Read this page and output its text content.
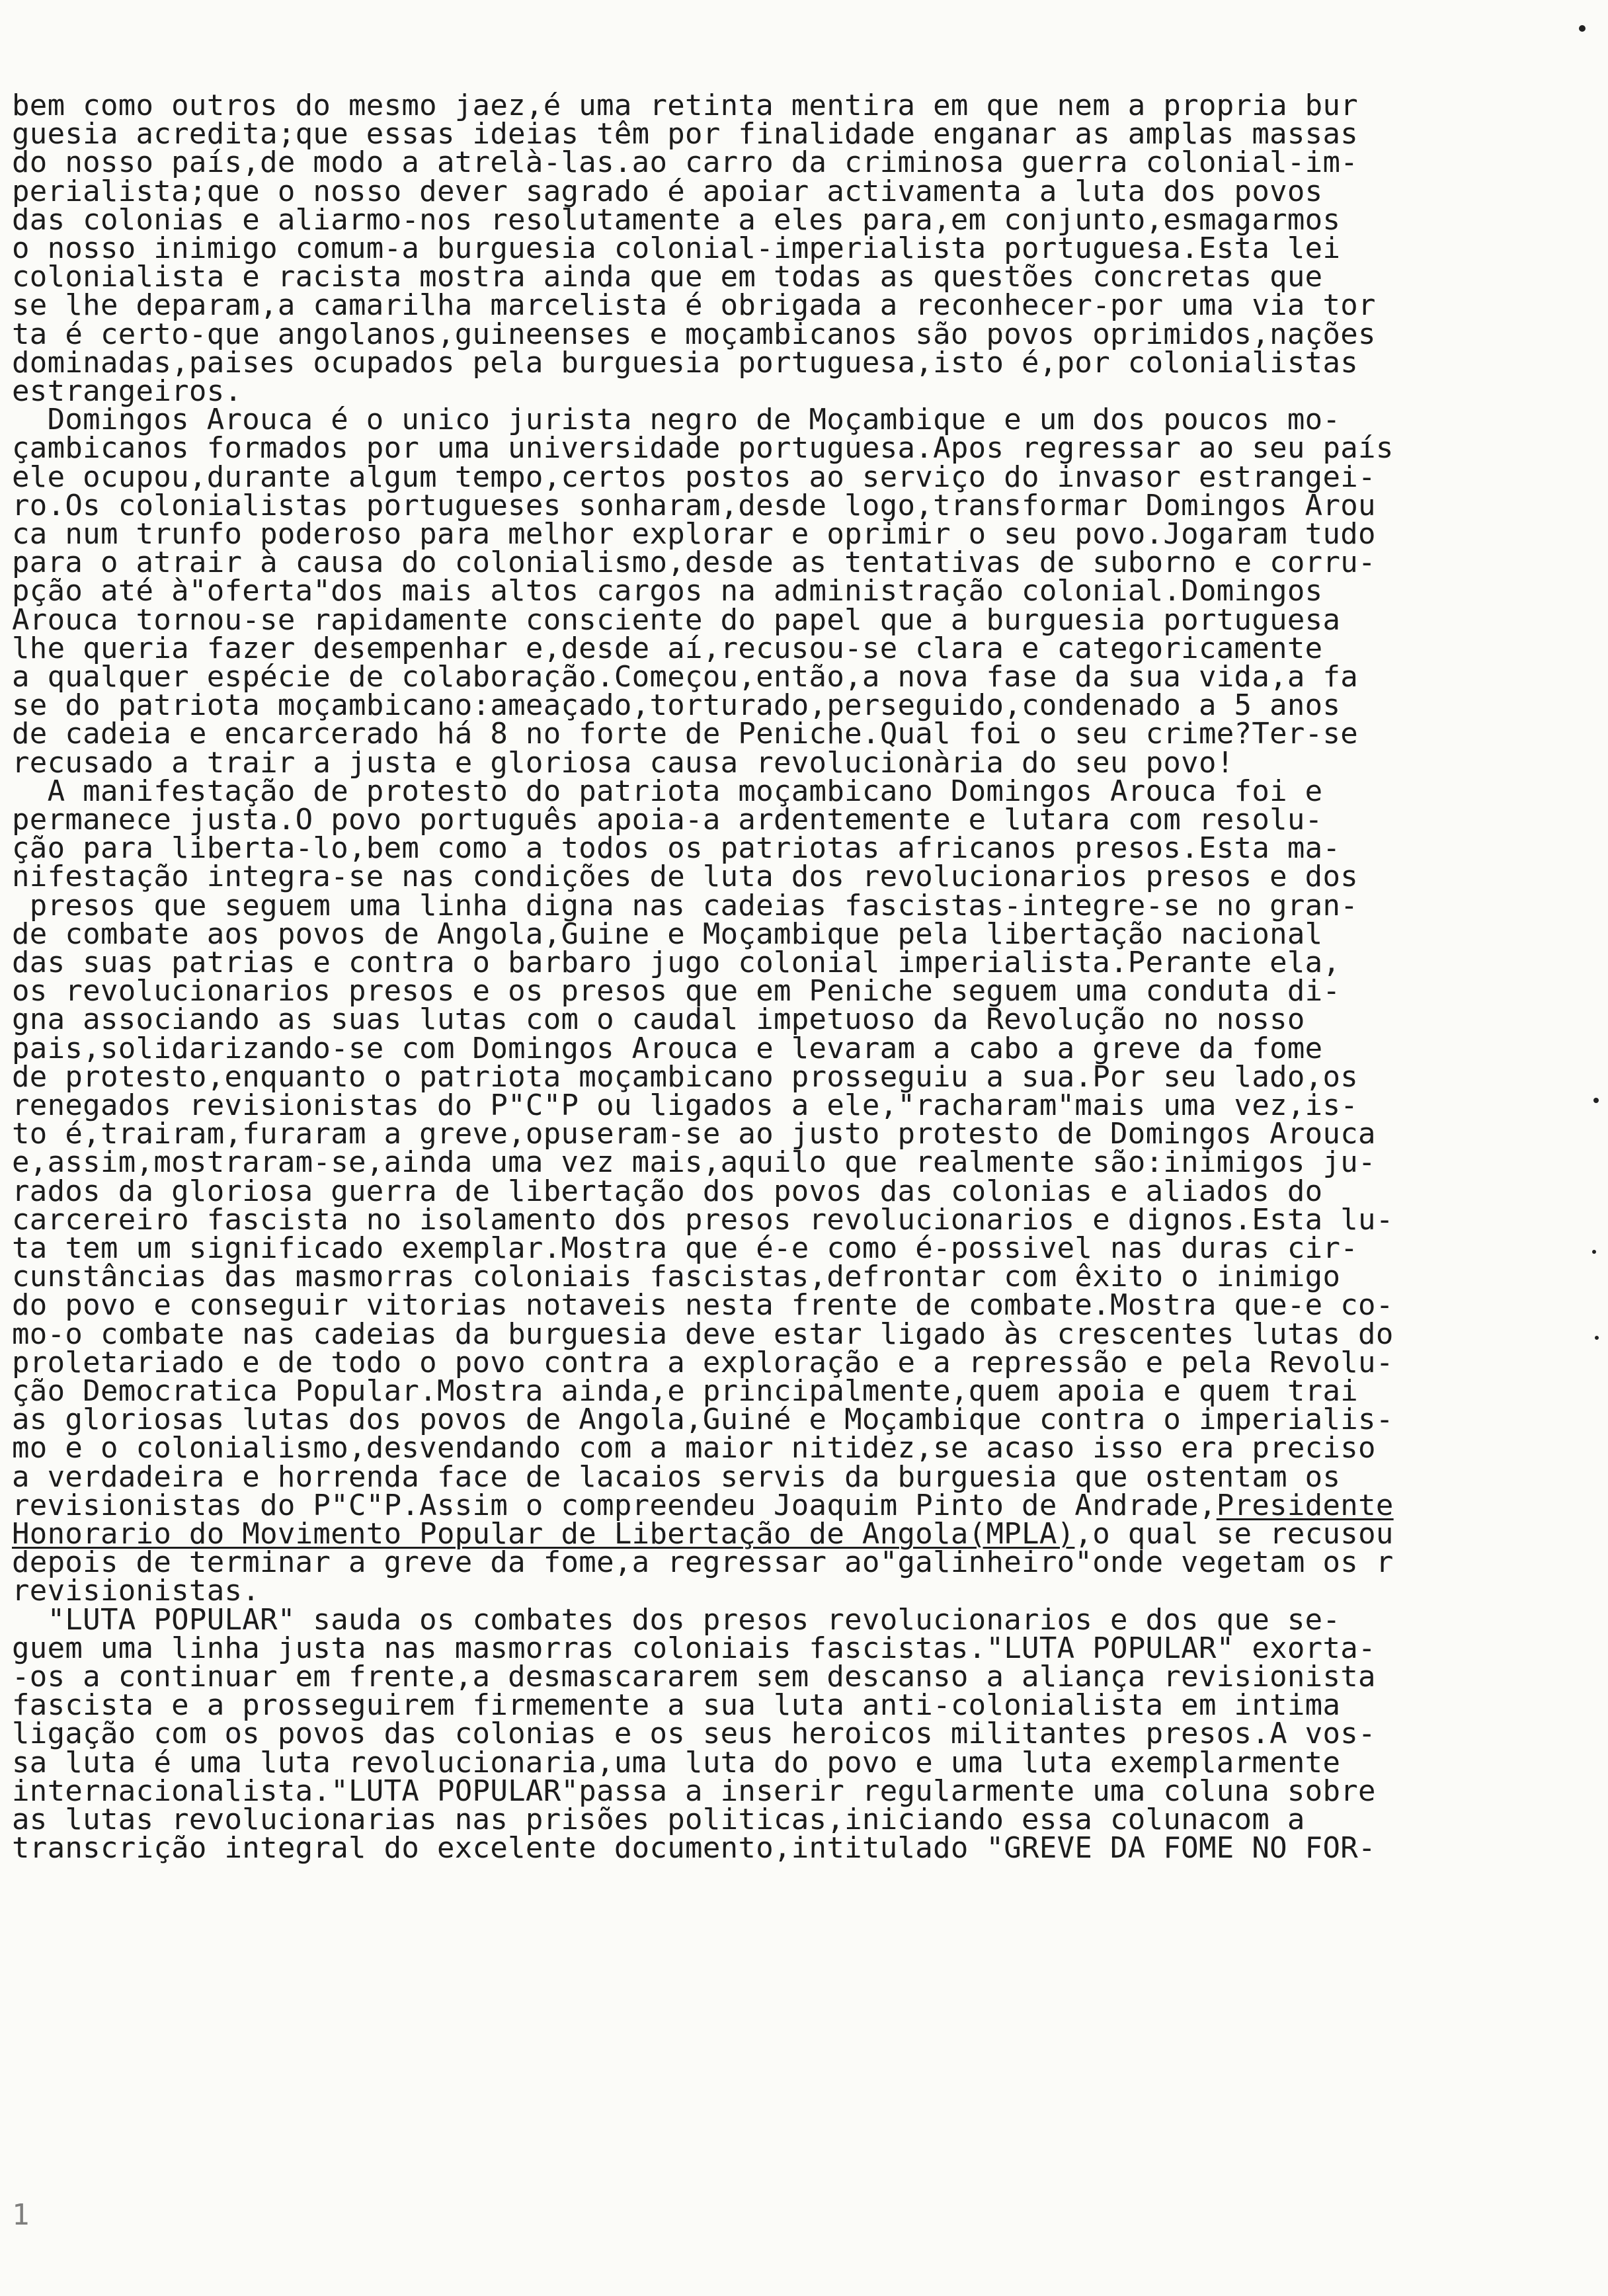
bem como outros do mesmo jaez,é uma retinta mentira em que nem a propria bur
guesia acredita;que essas ideias têm por finalidade enganar as amplas massas
do nosso país,de modo a atrelà-las.ao carro da criminosa guerra colonial-im-
perialista;que o nosso dever sagrado é apoiar activamenta a luta dos povos
das colonias e aliarmo-nos resolutamente a eles para,em conjunto,esmagarmos
o nosso inimigo comum-a burguesia colonial-imperialista portuguesa.Esta lei
colonialista e racista mostra ainda que em todas as questões concretas que
se lhe deparam,a camarilha marcelista é obrigada a reconhecer-por uma via tor
ta é certo-que angolanos,guineenses e moçambicanos são povos oprimidos,nações
dominadas,paises ocupados pela burguesia portuguesa,isto é,por colonialistas
estrangeiros.
Domingos Arouca é o unico jurista negro de Moçambique e um dos poucos mo-
çambicanos formados por uma universidade portuguesa.Apos regressar ao seu país
ele ocupou,durante algum tempo,certos postos ao serviço do invasor estrangei-
ro.Os colonialistas portugueses sonharam,desde logo,transformar Domingos Arou
ca num trunfo poderoso para melhor explorar e oprimir o seu povo.Jogaram tudo
para o atrair à causa do colonialismo,desde as tentativas de suborno e corru-
pção até à"oferta"dos mais altos cargos na administração colonial.Domingos
Arouca tornou-se rapidamente consciente do papel que a burguesia portuguesa
lhe queria fazer desempenhar e,desde aí,recusou-se clara e categoricamente
a qualquer espécie de colaboração.Começou,então,a nova fase da sua vida,a fa
se do patriota moçambicano:ameaçado,torturado,perseguido,condenado a 5 anos
de cadeia e encarcerado há 8 no forte de Peniche.Qual foi o seu crime?Ter-se
recusado a trair a justa e gloriosa causa revolucionària do seu povo!
A manifestação de protesto do patriota moçambicano Domingos Arouca foi e
permanece justa.O povo português apoia-a ardentemente e lutara com resolu-
ção para liberta-lo,bem como a todos os patriotas africanos presos.Esta ma-
nifestação integra-se nas condições de luta dos revolucionarios presos e dos
presos que seguem uma linha digna nas cadeias fascistas-integre-se no gran-
de combate aos povos de Angola,Guine e Moçambique pela libertação nacional
das suas patrias e contra o barbaro jugo colonial imperialista.Perante ela,
os revolucionarios presos e os presos que em Peniche seguem uma conduta di-
gna associando as suas lutas com o caudal impetuoso da Revolução no nosso
pais,solidarizando-se com Domingos Arouca e levaram a cabo a greve da fome
de protesto,enquanto o patriota moçambicano prosseguiu a sua.Por seu lado,os
renegados revisionistas do P"C"P ou ligados a ele,"racharam"mais uma vez,is-
to é,trairam,furaram a greve,opuseram-se ao justo protesto de Domingos Arouca
e,assim,mostraram-se,ainda uma vez mais,aquilo que realmente são:inimigos ju-
rados da gloriosa guerra de libertação dos povos das colonias e aliados do
carcereiro fascista no isolamento dos presos revolucionarios e dignos.Esta lu-
ta tem um significado exemplar.Mostra que é-e como é-possivel nas duras cir-
cunstâncias das masmorras coloniais fascistas,defrontar com êxito o inimigo
do povo e conseguir vitorias notaveis nesta frente de combate.Mostra que-e co-
mo-o combate nas cadeias da burguesia deve estar ligado às crescentes lutas do
proletariado e de todo o povo contra a exploração e a repressão e pela Revolu-
ção Democratica Popular.Mostra ainda,e principalmente,quem apoia e quem trai
as gloriosas lutas dos povos de Angola,Guiné e Moçambique contra o imperialis-
mo e o colonialismo,desvendando com a maior nitidez,se acaso isso era preciso
a verdadeira e horrenda face de lacaios servis da burguesia que ostentam os
revisionistas do P"C"P.Assim o compreendeu Joaquim Pinto de Andrade,Presidente
Honorario do Movimento Popular de Libertação de Angola(MPLA),o qual se recusou
depois de terminar a greve da fome,a regressar ao"galinheiro"onde vegetam os r
revisionistas.
"LUTA POPULAR" sauda os combates dos presos revolucionarios e dos que se-
guem uma linha justa nas masmorras coloniais fascistas."LUTA POPULAR" exorta-
-os a continuar em frente,a desmascararem sem descanso a aliança revisionista
fascista e a prosseguirem firmemente a sua luta anti-colonialista em intima
ligação com os povos das colonias e os seus heroicos militantes presos.A vos-
sa luta é uma luta revolucionaria,uma luta do povo e uma luta exemplarmente
internacionalista."LUTA POPULAR"passa a inserir regularmente uma coluna sobre
as lutas revolucionarias nas prisões politicas,iniciando essa colunacom a
transcrição integral do excelente documento,intitulado "GREVE DA FOME NO FOR-
1
